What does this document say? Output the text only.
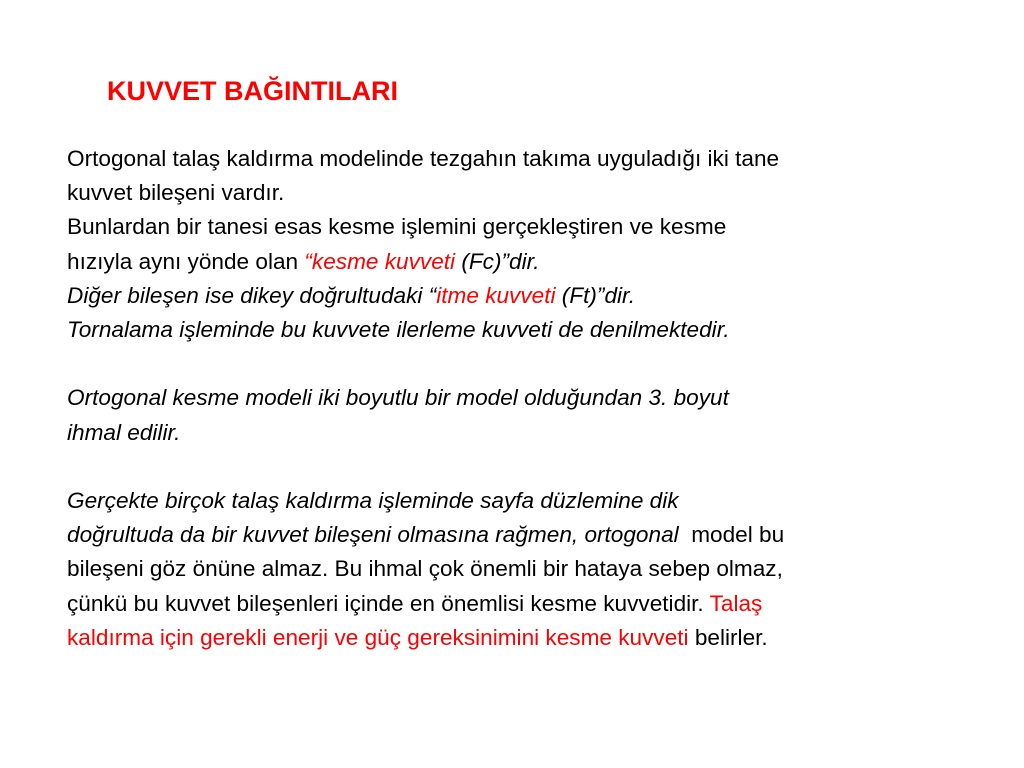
KUVVET BAĞINTILARI

Ortogonal talaş kaldırma modelinde tezgahın takıma uyguladığı iki tane

kuvvet bileşeni vardır.

Bunlardan bir tanesi esas kesme işlemini gerçekleştiren ve kesme

hızıyla aynı yönde olan “kesme kuvveti (Fc)”dir.

Diğer bileşen ise dikey doğrultudaki “itme kuvveti (Ft)”dir.

Tornalama işleminde bu kuvvete ilerleme kuvveti de denilmektedir.

Ortogonal kesme modeli iki boyutlu bir model olduğundan 3. boyut

ihmal edilir.

Gerçekte birçok talaş kaldırma işleminde sayfa düzlemine dik

doğrultuda da bir kuvvet bileşeni olmasına rağmen, ortogonal  model bu

bileşeni göz önüne almaz. Bu ihmal çok önemli bir hataya sebep olmaz,

çünkü bu kuvvet bileşenleri içinde en önemlisi kesme kuvvetidir. Talaş

kaldırma için gerekli enerji ve güç gereksinimini kesme kuvveti belirler.
